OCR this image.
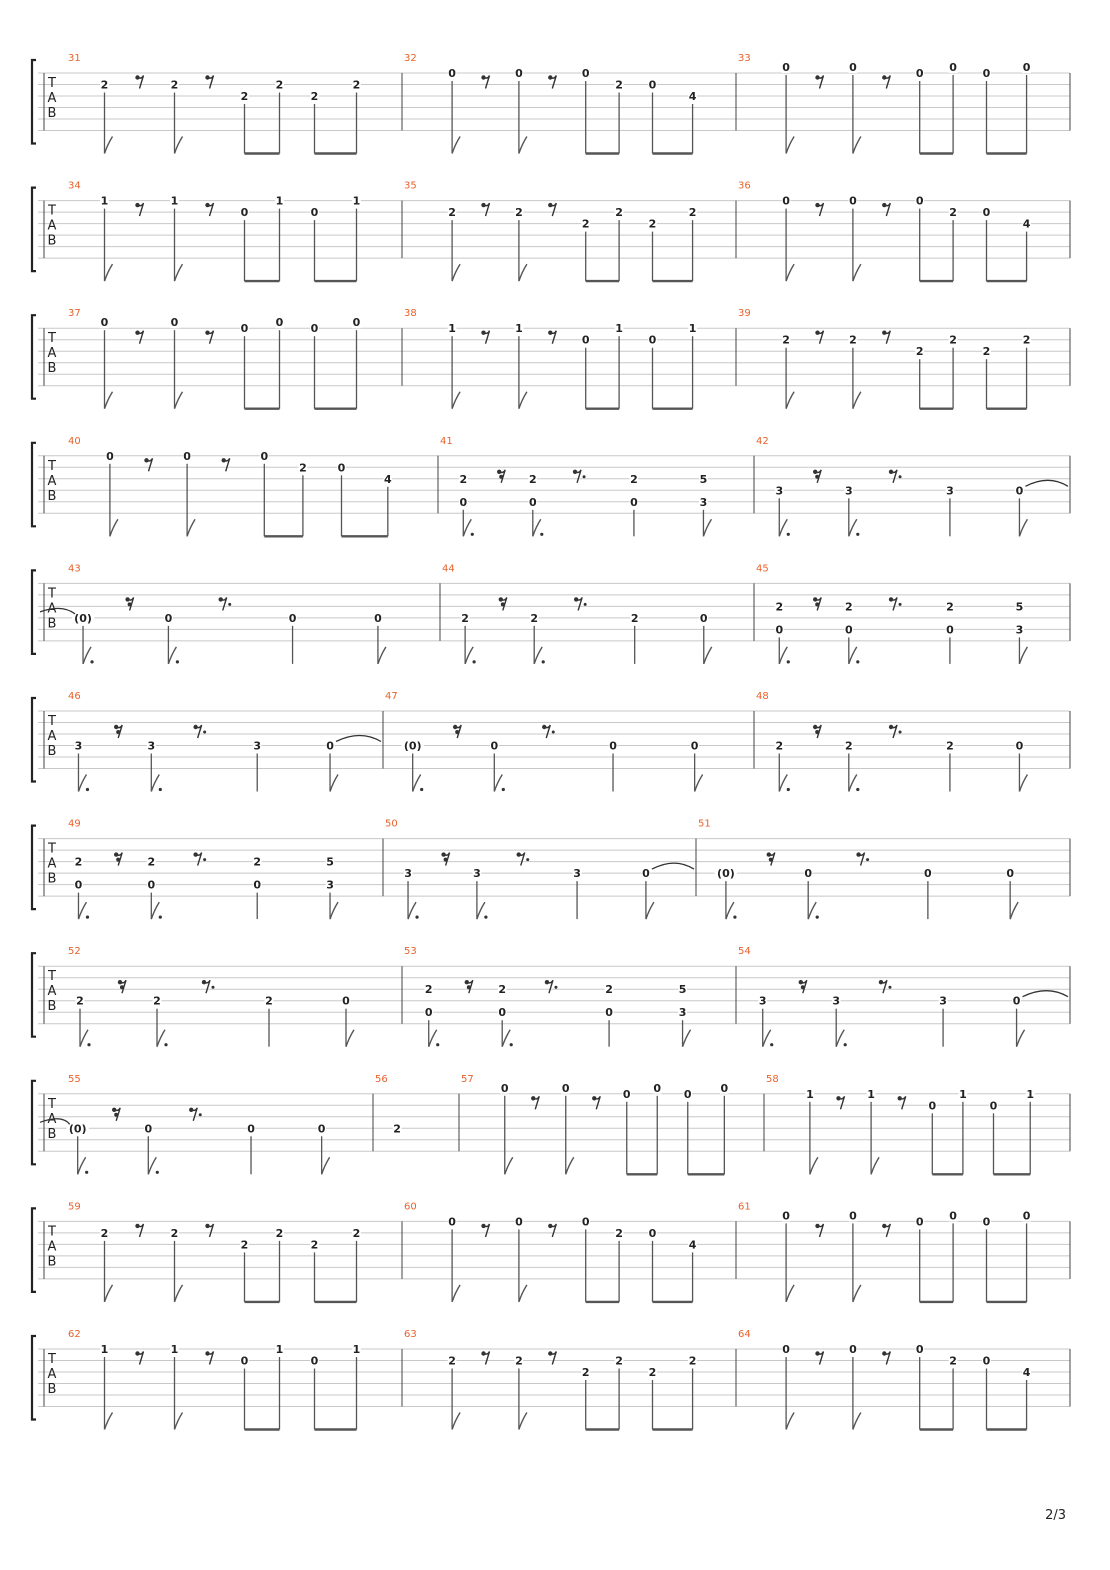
T
A
B
31
2	2
2
2
2
2
32
0	0	0
2 0
4
33
0	0	0 0 0	0
T
A
B
34
1	1
0
1
0
1
35
2	2
2
2
2
2
36
0	0	0
2 0
4
T
A
B
37
0	0	0 0 0	0
38
1	1
0
1
0
1
39
2	2
2
2
2
2
T
A
B
40
0	0	0
2	0
4
41
2
0
2
0
2
0
5
3
42
3	3	3	0
T
A
B
43
(0)	0	0	0
44
2	2	2	0
45
2
0
2
0
2
0
5
3
T
A
B
46
3	3	3	0
47
(0)	0	0	0
48
2	2	2	0
T
A
B
49
2
0
2
0
2
0
5
3
50
3	3	3	0
51
(0)	0	0	0
T
A
B
52
2	2	2	0
53
2
0
2
0
2
0
5
3
54
3	3	3	0
T
A
B
55
(0)	0	0	0
56
2
57
0	0	0 0 0	0
58
1	1
0
1
0
1
T
A
B
59
2	2
2
2
2
2
60
0	0	0
2 0
4
61
0	0	0 0 0	0
T
A
B
62
1	1
0
1
0
1
63
2	2
2
2
2
2
64
0	0	0
2 0
4
2/3
